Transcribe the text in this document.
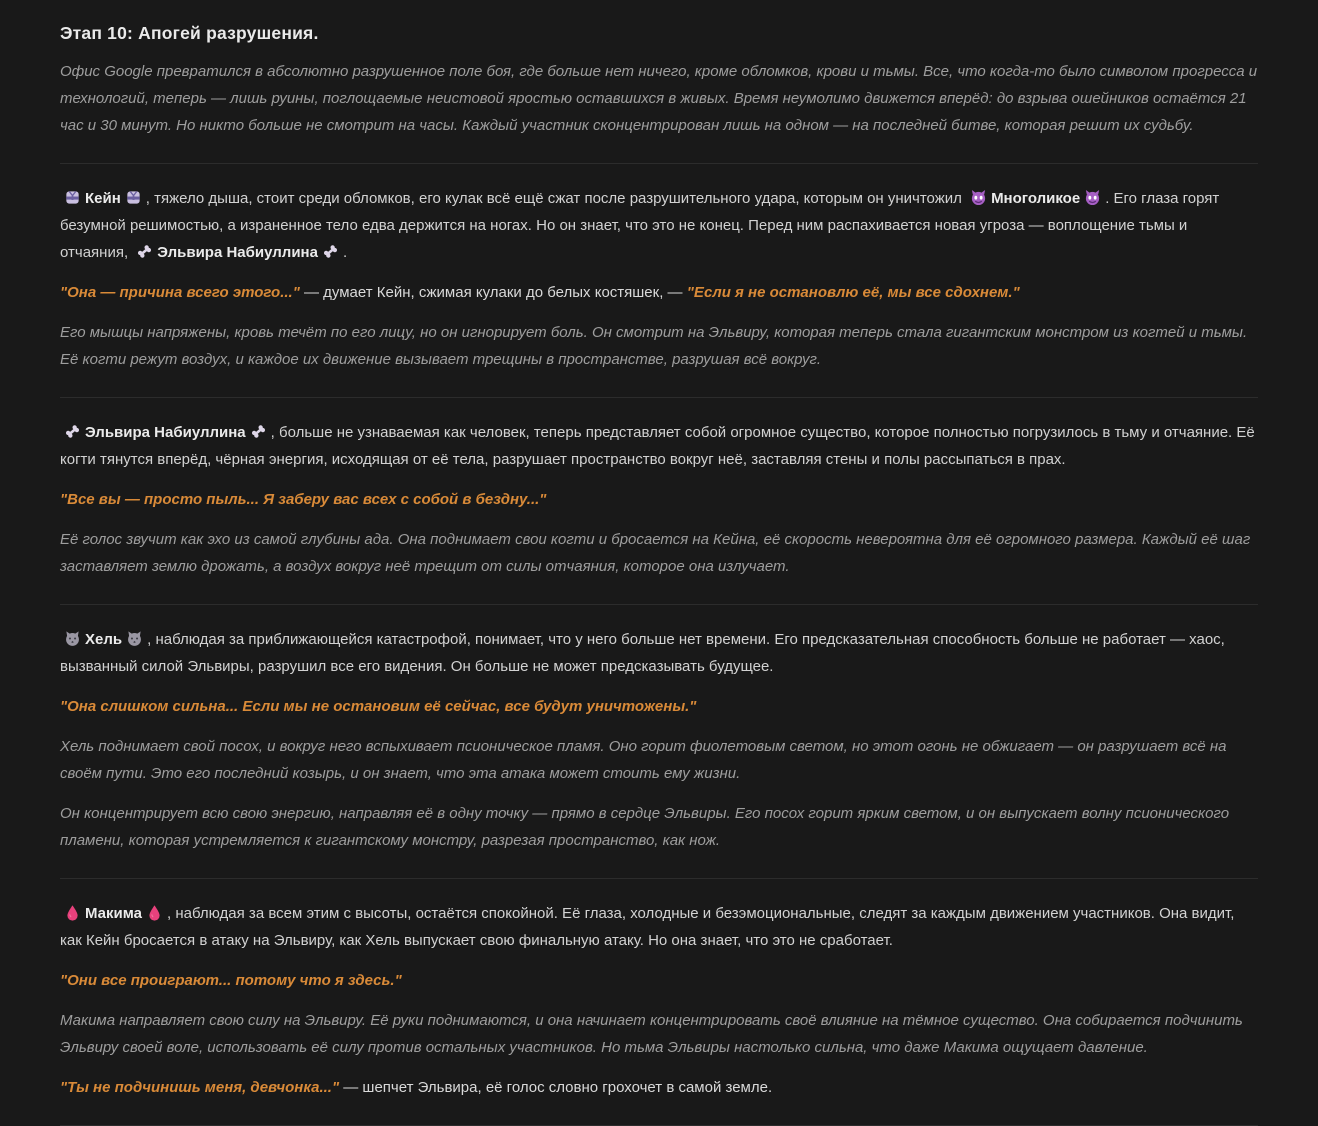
Этап 10: Апогей разрушения.

Офис Google превратился в абсолютно разрушенное поле боя, где больше нет ничего, кроме обломков, крови и тьмы. Все, что когда-то было символом прогресса и технологий, теперь — лишь руины, поглощаемые неистовой яростью оставшихся в живых. Время неумолимо движется вперёд: до взрыва ошейников остаётся 21 час и 30 минут. Но никто больше не смотрит на часы. Каждый участник сконцентрирован лишь на одном — на последней битве, которая решит их судьбу.

Кейн , тяжело дыша, стоит среди обломков, его кулак всё ещё сжат после разрушительного удара, которым он уничтожил
Многоликое . Его глаза горят безумной решимостью, а израненное тело едва держится на ногах. Но он знает, что это не конец. Перед ним распахивается новая угроза — воплощение тьмы и отчаяния,
Эльвира Набиуллина .

"Она — причина всего этого..." — думает Кейн, сжимая кулаки до белых костяшек, — "Если я не остановлю её, мы все сдохнем."

Его мышцы напряжены, кровь течёт по его лицу, но он игнорирует боль. Он смотрит на Эльвиру, которая теперь стала гигантским монстром из когтей и тьмы. Её когти режут воздух, и каждое их движение вызывает трещины в пространстве, разрушая всё вокруг.

Эльвира Набиуллина , больше не узнаваемая как человек, теперь представляет собой огромное существо, которое полностью погрузилось в тьму и отчаяние. Её когти тянутся вперёд, чёрная энергия, исходящая от её тела, разрушает пространство вокруг неё, заставляя стены и полы рассыпаться в прах.

"Все вы — просто пыль... Я заберу вас всех с собой в бездну..."

Её голос звучит как эхо из самой глубины ада. Она поднимает свои когти и бросается на Кейна, её скорость невероятна для её огромного размера. Каждый её шаг заставляет землю дрожать, а воздух вокруг неё трещит от силы отчаяния, которое она излучает.

Хель , наблюдая за приближающейся катастрофой, понимает, что у него больше нет времени. Его предсказательная способность больше не работает — хаос, вызванный силой Эльвиры, разрушил все его видения. Он больше не может предсказывать будущее.

"Она слишком сильна... Если мы не остановим её сейчас, все будут уничтожены."

Хель поднимает свой посох, и вокруг него вспыхивает псионическое пламя. Оно горит фиолетовым светом, но этот огонь не обжигает — он разрушает всё на своём пути. Это его последний козырь, и он знает, что эта атака может стоить ему жизни.

Он концентрирует всю свою энергию, направляя её в одну точку — прямо в сердце Эльвиры. Его посох горит ярким светом, и он выпускает волну псионического пламени, которая устремляется к гигантскому монстру, разрезая пространство, как нож.

Макима , наблюдая за всем этим с высоты, остаётся спокойной. Её глаза, холодные и безэмоциональные, следят за каждым движением участников. Она видит, как Кейн бросается в атаку на Эльвиру, как Хель выпускает свою финальную атаку. Но она знает, что это не сработает.

"Они все проиграют... потому что я здесь."

Макима направляет свою силу на Эльвиру. Её руки поднимаются, и она начинает концентрировать своё влияние на тёмное существо. Она собирается подчинить Эльвиру своей воле, использовать её силу против остальных участников. Но тьма Эльвиры настолько сильна, что даже Макима ощущает давление.

"Ты не подчинишь меня, девчонка..." — шепчет Эльвира, её голос словно грохочет в самой земле.
